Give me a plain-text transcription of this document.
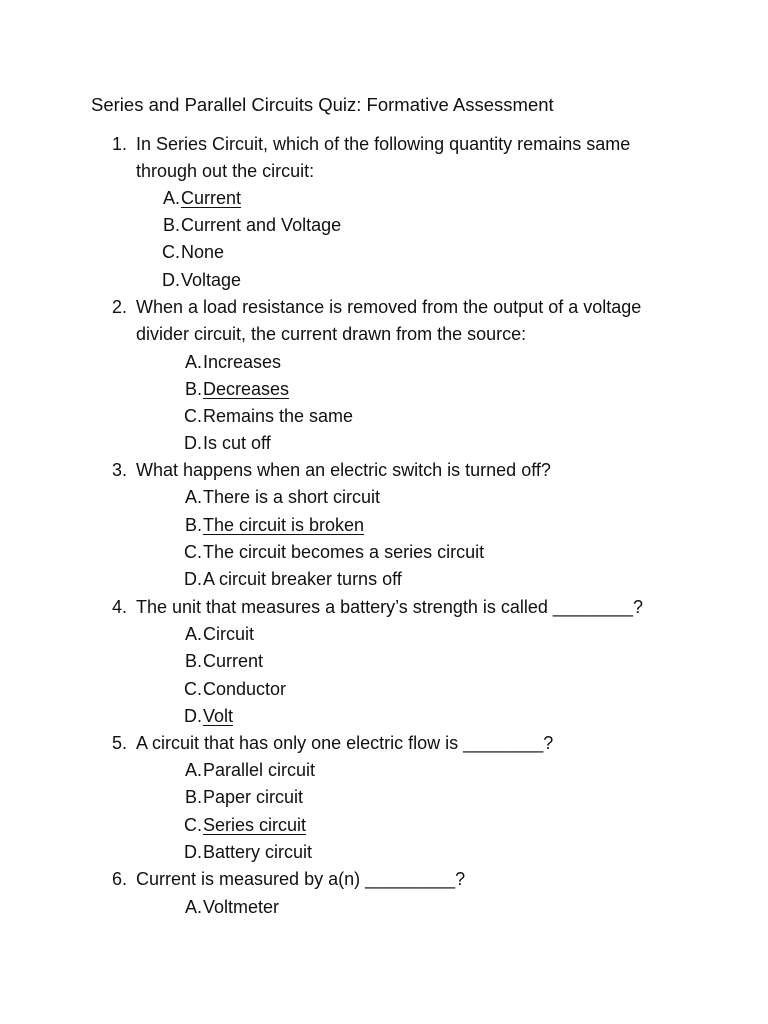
Series and Parallel Circuits Quiz: Formative Assessment
1. In Series Circuit, which of the following quantity remains same
through out the circuit:
A. Current
B. Current and Voltage
C. None
D. Voltage
2. When a load resistance is removed from the output of a voltage
divider circuit, the current drawn from the source:
A. Increases
B. Decreases
C. Remains the same
D. Is cut off
3. What happens when an electric switch is turned off?
A. There is a short circuit
B. The circuit is broken
C. The circuit becomes a series circuit
D. A circuit breaker turns off
4. The unit that measures a battery’s strength is called ________?
A. Circuit
B. Current
C. Conductor
D. Volt
5. A circuit that has only one electric flow is ________?
A. Parallel circuit
B. Paper circuit
C. Series circuit
D. Battery circuit
6. Current is measured by a(n) _________?
A. Voltmeter
